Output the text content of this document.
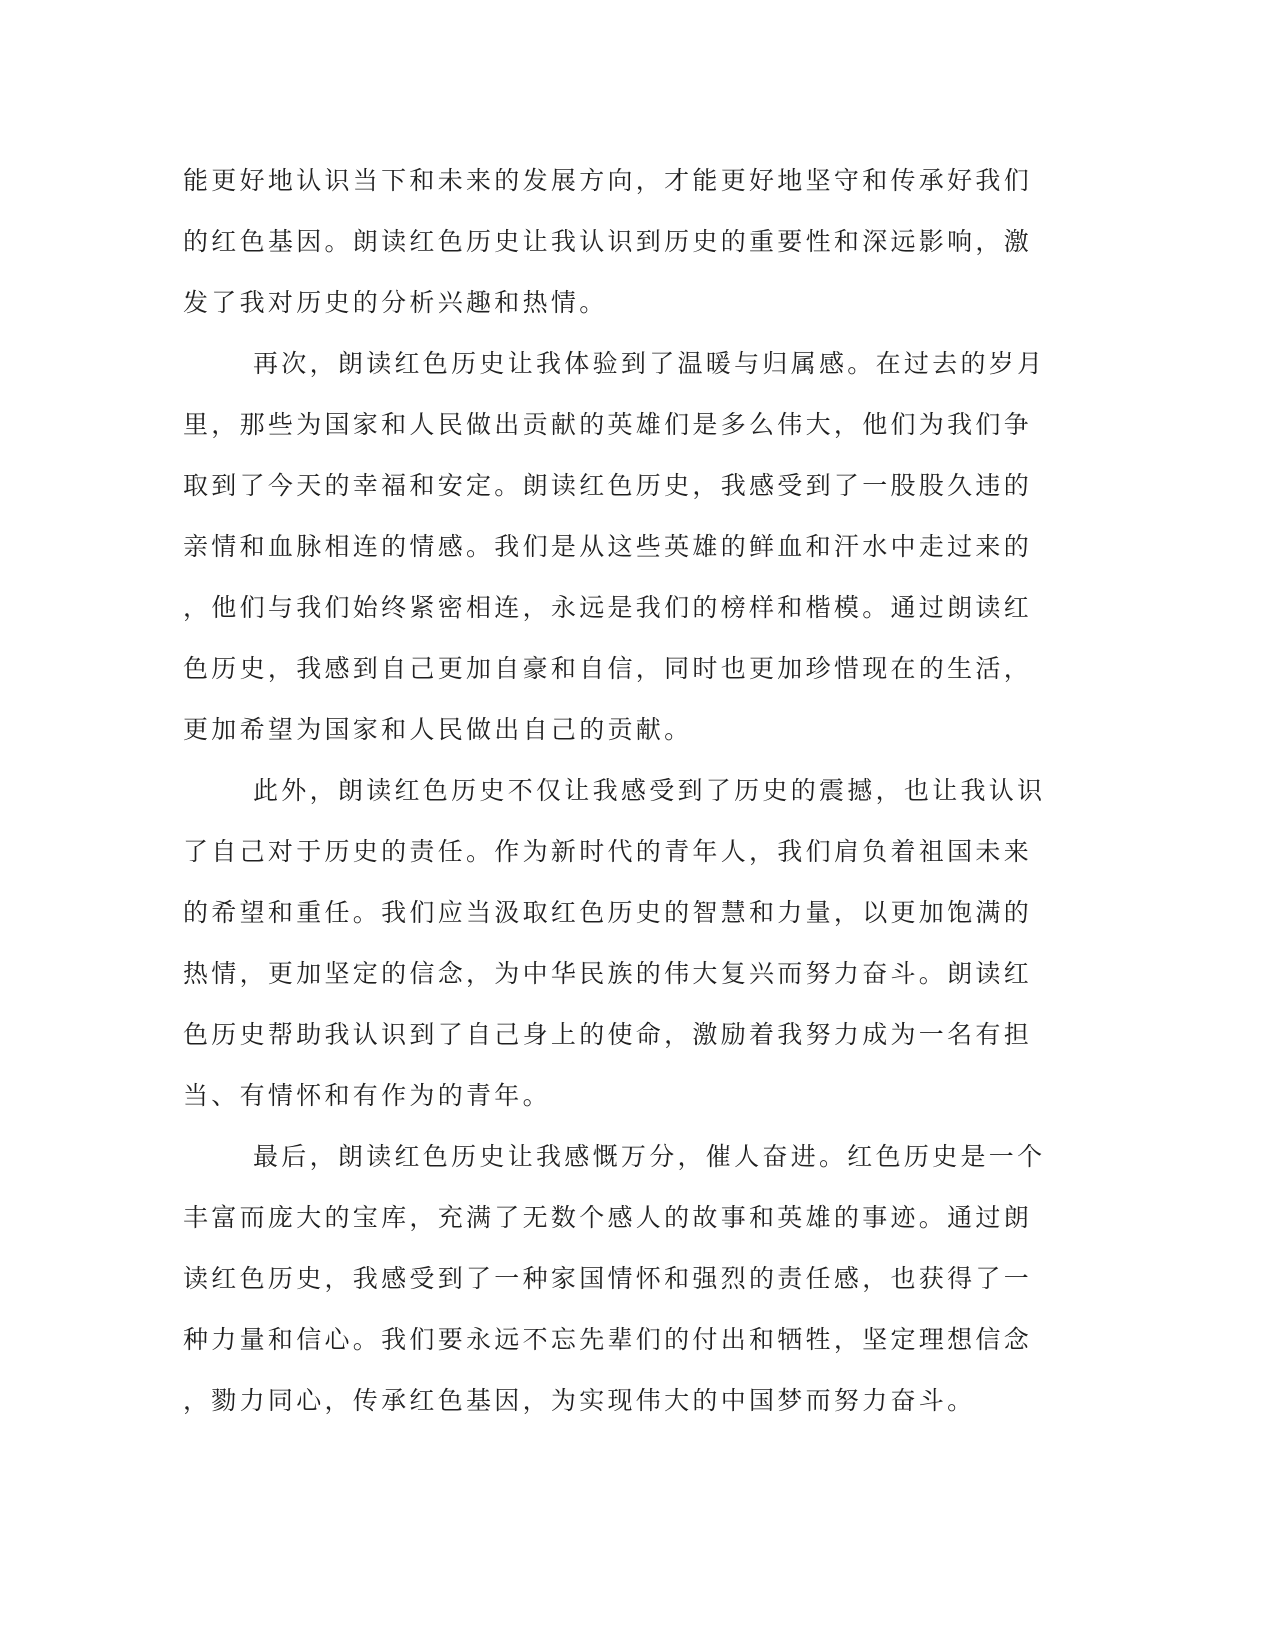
能更好地认识当下和未来的发展方向，才能更好地坚守和传承好我们
的红色基因。朗读红色历史让我认识到历史的重要性和深远影响，激
发了我对历史的分析兴趣和热情。
再次，朗读红色历史让我体验到了温暖与归属感。在过去的岁月
里，那些为国家和人民做出贡献的英雄们是多么伟大，他们为我们争
取到了今天的幸福和安定。朗读红色历史，我感受到了一股股久违的
亲情和血脉相连的情感。我们是从这些英雄的鲜血和汗水中走过来的
，他们与我们始终紧密相连，永远是我们的榜样和楷模。通过朗读红
色历史，我感到自己更加自豪和自信，同时也更加珍惜现在的生活，
更加希望为国家和人民做出自己的贡献。
此外，朗读红色历史不仅让我感受到了历史的震撼，也让我认识
了自己对于历史的责任。作为新时代的青年人，我们肩负着祖国未来
的希望和重任。我们应当汲取红色历史的智慧和力量，以更加饱满的
热情，更加坚定的信念，为中华民族的伟大复兴而努力奋斗。朗读红
色历史帮助我认识到了自己身上的使命，激励着我努力成为一名有担
当、有情怀和有作为的青年。
最后，朗读红色历史让我感慨万分，催人奋进。红色历史是一个
丰富而庞大的宝库，充满了无数个感人的故事和英雄的事迹。通过朗
读红色历史，我感受到了一种家国情怀和强烈的责任感，也获得了一
种力量和信心。我们要永远不忘先辈们的付出和牺牲，坚定理想信念
，勠力同心，传承红色基因，为实现伟大的中国梦而努力奋斗。
